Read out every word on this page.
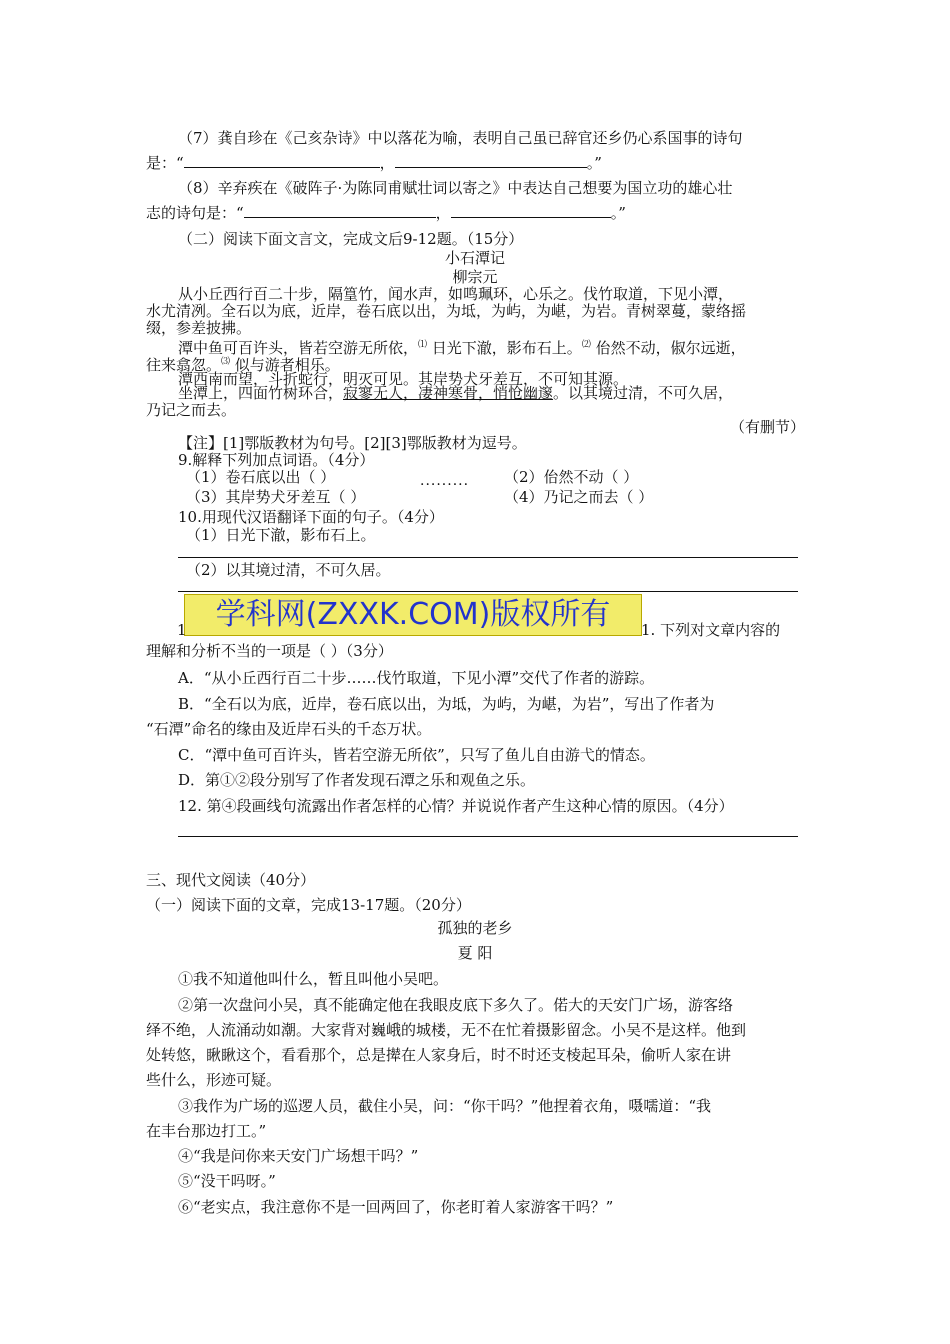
（7）龚自珍在《己亥杂诗》中以落花为喻，表明自己虽已辞官还乡仍心系国事的诗句
是：“	，	。”
（8）辛弃疾在《破阵子·为陈同甫赋壮词以寄之》中表达自己想要为国立功的雄心壮
志的诗句是：“	，	。”
（二）阅读下面文言文，完成文后9-12题。（15分）
小石潭记
柳宗元
从小丘西行百二十步，隔篁竹，闻水声，如鸣珮环，心乐之。伐竹取道，下见小潭，
水尤清冽。全石以为底，近岸，卷石底以出，为坻，为屿，为嵁，为岩。青树翠蔓，蒙络摇
缀，参差披拂。
潭中鱼可百许头，皆若空游无所依，⑴ 日光下澈，影布石上。⑵ 佁然不动，俶尔远逝，
往来翕忽。⑶ 似与游者相乐。
潭西南而望，斗折蛇行，明灭可见。其岸势犬牙差互，不可知其源。
坐潭上，四面竹树环合，寂寥无人，凄神寒骨，悄怆幽邃。以其境过清，不可久居，
乃记之而去。
（有删节）
【注】[1]鄂版教材为句号。[2][3]鄂版教材为逗号。
9.解释下列加点词语。（4分）
（1）卷石底以出（ ）	（2）佁然不动（ ）
·········
（3）其岸势犬牙差互（ ）	（4）乃记之而去（ ）
10.用现代汉语翻译下面的句子。（4分）
（1）日光下澈，影布石上。
（2）以其境过清，不可久居。
学科网(ZXXK.COM)版权所有
1	1. 下列对文章内容的
理解和分析不当的一项是（ ）（3分）
A．“从小丘西行百二十步……伐竹取道，下见小潭”交代了作者的游踪。
B．“全石以为底，近岸，卷石底以出，为坻，为屿，为嵁，为岩”，写出了作者为
“石潭”命名的缘由及近岸石头的千态万状。
C．“潭中鱼可百许头，皆若空游无所依”，只写了鱼儿自由游弋的情态。
D．第①②段分别写了作者发现石潭之乐和观鱼之乐。
12. 第④段画线句流露出作者怎样的心情？并说说作者产生这种心情的原因。（4分）
三、现代文阅读（40分）
（一）阅读下面的文章，完成13-17题。（20分）
孤独的老乡
夏 阳
①我不知道他叫什么，暂且叫他小吴吧。
②第一次盘问小吴，真不能确定他在我眼皮底下多久了。偌大的天安门广场，游客络
绎不绝，人流涌动如潮。大家背对巍峨的城楼，无不在忙着摄影留念。小吴不是这样。他到
处转悠，瞅瞅这个，看看那个，总是撵在人家身后，时不时还支棱起耳朵，偷听人家在讲
些什么，形迹可疑。
③我作为广场的巡逻人员，截住小吴，问：“你干吗？”他捏着衣角，嗫嚅道：“我
在丰台那边打工。”
④“我是问你来天安门广场想干吗？”
⑤“没干吗呀。”
⑥“老实点，我注意你不是一回两回了，你老盯着人家游客干吗？”
